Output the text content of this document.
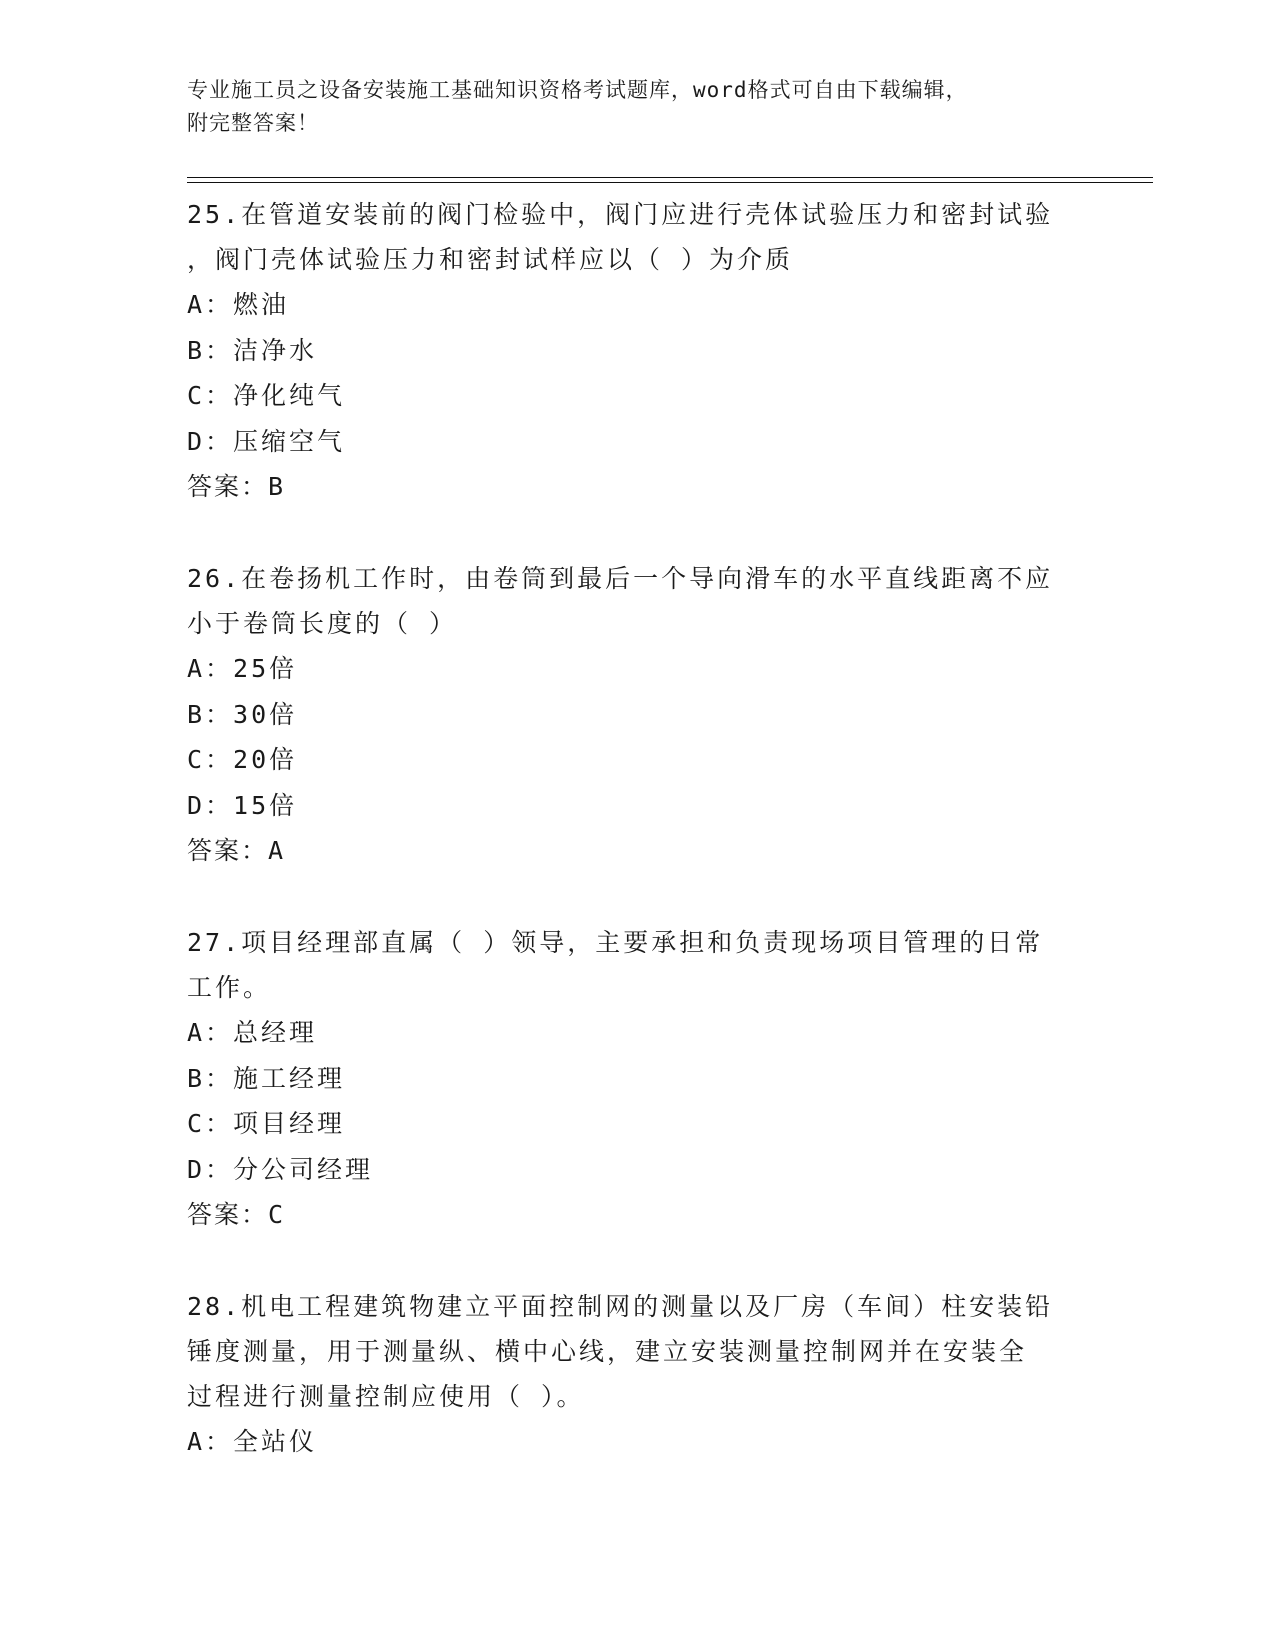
专业施工员之设备安装施工基础知识资格考试题库，word格式可自由下载编辑，
附完整答案！
25.在管道安装前的阀门检验中，阀门应进行壳体试验压力和密封试验
，阀门壳体试验压力和密封试样应以（ ）为介质
A：燃油
B：洁净水
C：净化纯气
D：压缩空气
答案：B
26.在卷扬机工作时，由卷筒到最后一个导向滑车的水平直线距离不应
小于卷筒长度的（ ）
A：25倍
B：30倍
C：20倍
D：15倍
答案：A
27.项目经理部直属（ ）领导，主要承担和负责现场项目管理的日常
工作。
A：总经理
B：施工经理
C：项目经理
D：分公司经理
答案：C
28.机电工程建筑物建立平面控制网的测量以及厂房（车间）柱安装铅
锤度测量，用于测量纵、横中心线，建立安装测量控制网并在安装全
过程进行测量控制应使用（ ）。
A：全站仪
